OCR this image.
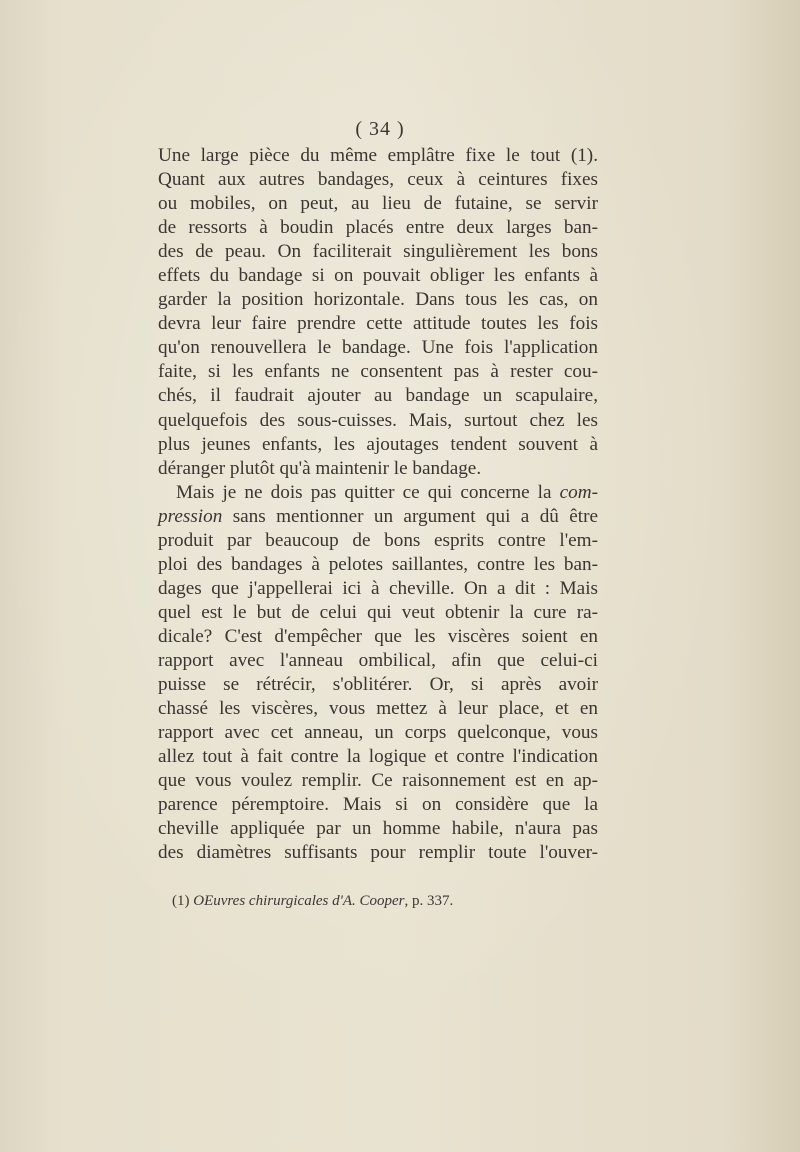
( 34 )
Une large pièce du même emplâtre fixe le tout (1).
Quant aux autres bandages, ceux à ceintures fixes
ou mobiles, on peut, au lieu de futaine, se servir
de ressorts à boudin placés entre deux larges ban-
des de peau. On faciliterait singulièrement les bons
effets du bandage si on pouvait obliger les enfants à
garder la position horizontale. Dans tous les cas, on
devra leur faire prendre cette attitude toutes les fois
qu'on renouvellera le bandage. Une fois l'application
faite, si les enfants ne consentent pas à rester cou-
chés, il faudrait ajouter au bandage un scapulaire,
quelquefois des sous-cuisses. Mais, surtout chez les
plus jeunes enfants, les ajoutages tendent souvent à
déranger plutôt qu'à maintenir le bandage.
Mais je ne dois pas quitter ce qui concerne la com-
pression sans mentionner un argument qui a dû être
produit par beaucoup de bons esprits contre l'em-
ploi des bandages à pelotes saillantes, contre les ban-
dages que j'appellerai ici à cheville. On a dit : Mais
quel est le but de celui qui veut obtenir la cure ra-
dicale? C'est d'empêcher que les viscères soient en
rapport avec l'anneau ombilical, afin que celui-ci
puisse se rétrécir, s'oblitérer. Or, si après avoir
chassé les viscères, vous mettez à leur place, et en
rapport avec cet anneau, un corps quelconque, vous
allez tout à fait contre la logique et contre l'indication
que vous voulez remplir. Ce raisonnement est en ap-
parence péremptoire. Mais si on considère que la
cheville appliquée par un homme habile, n'aura pas
des diamètres suffisants pour remplir toute l'ouver-
(1) OEuvres chirurgicales d'A. Cooper, p. 337.
